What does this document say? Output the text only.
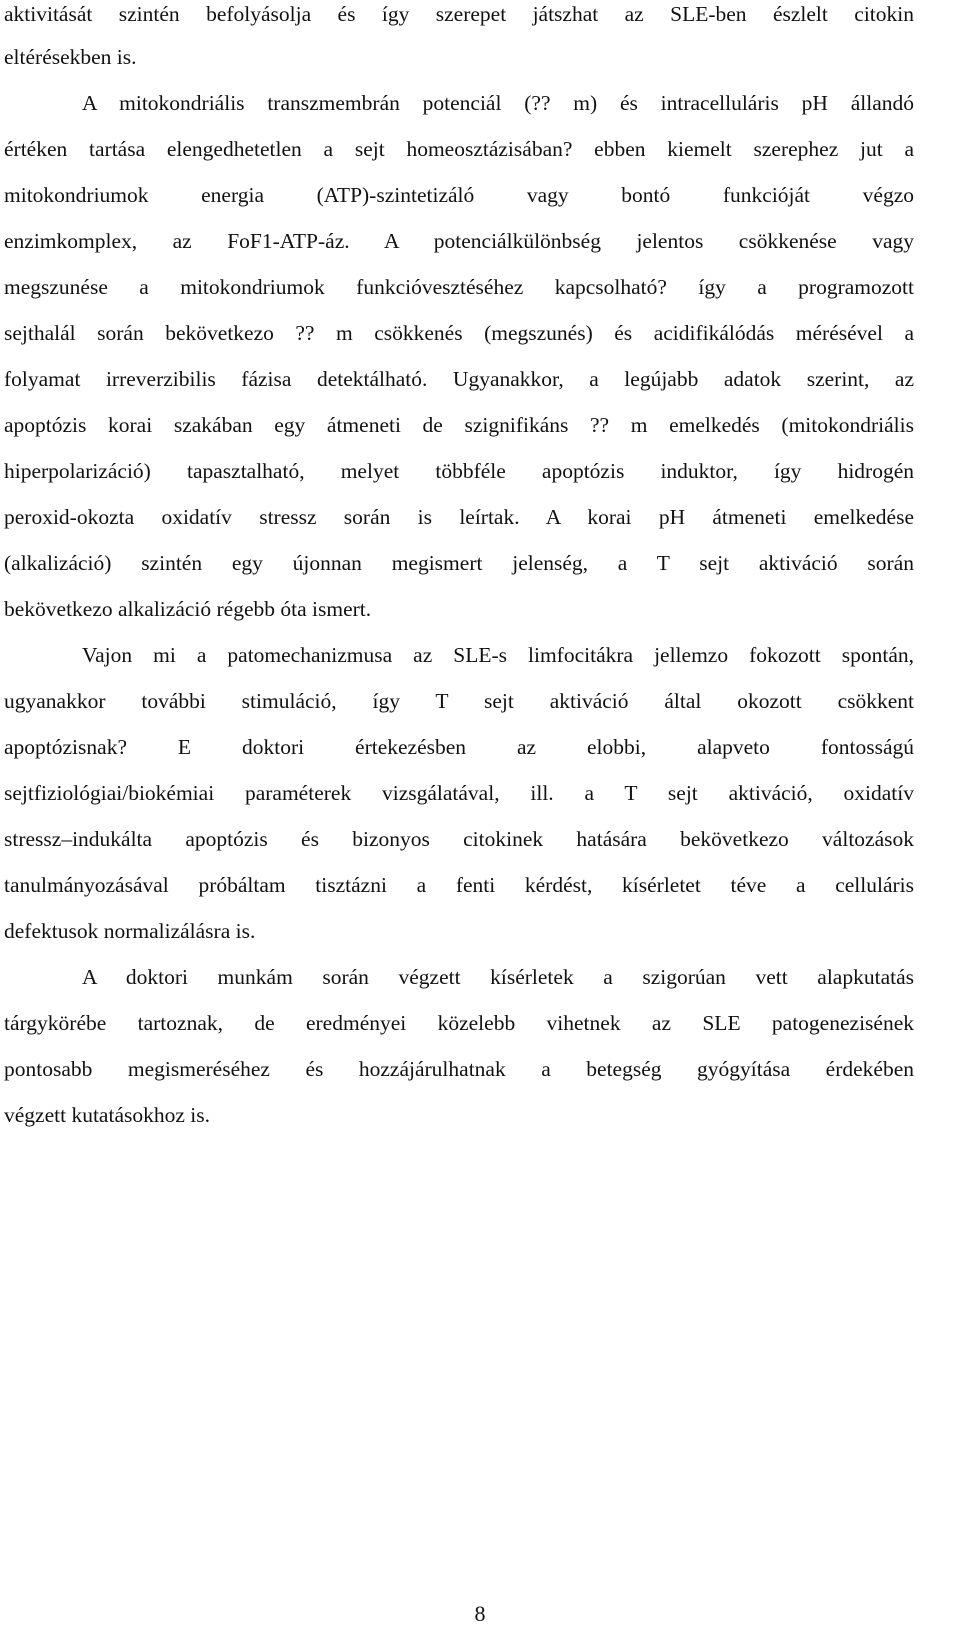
aktivitását szintén befolyásolja és így szerepet játszhat az SLE-ben észlelt citokin
eltérésekben is.
A mitokondriális transzmembrán potenciál (?? m) és intracelluláris pH állandó
értéken tartása elengedhetetlen a sejt homeosztázisában? ebben kiemelt szerephez jut a
mitokondriumok energia (ATP)-szintetizáló vagy bontó funkcióját végzo
enzimkomplex, az FoF1-ATP-áz. A potenciálkülönbség jelentos csökkenése vagy
megszunése a mitokondriumok funkcióvesztéséhez kapcsolható? így a programozott
sejthalál során bekövetkezo ?? m csökkenés (megszunés) és acidifikálódás mérésével a
folyamat irreverzibilis fázisa detektálható. Ugyanakkor, a legújabb adatok szerint, az
apoptózis korai szakában egy átmeneti de szignifikáns ?? m emelkedés (mitokondriális
hiperpolarizáció) tapasztalható, melyet többféle apoptózis induktor, így hidrogén
peroxid-okozta oxidatív stressz során is leírtak. A korai pH átmeneti emelkedése
(alkalizáció) szintén egy újonnan megismert jelenség, a T sejt aktiváció során
bekövetkezo alkalizáció régebb óta ismert.
Vajon mi a patomechanizmusa az SLE-s limfocitákra jellemzo fokozott spontán,
ugyanakkor további stimuláció, így T sejt aktiváció által okozott csökkent
apoptózisnak? E doktori értekezésben az elobbi, alapveto fontosságú
sejtfiziológiai/biokémiai paraméterek vizsgálatával, ill. a T sejt aktiváció, oxidatív
stressz–indukálta apoptózis és bizonyos citokinek hatására bekövetkezo változások
tanulmányozásával próbáltam tisztázni a fenti kérdést, kísérletet téve a celluláris
defektusok normalizálásra is.
A doktori munkám során végzett kísérletek a szigorúan vett alapkutatás
tárgykörébe tartoznak, de eredményei közelebb vihetnek az SLE patogenezisének
pontosabb megismeréséhez és hozzájárulhatnak a betegség gyógyítása érdekében
végzett kutatásokhoz is.
8
